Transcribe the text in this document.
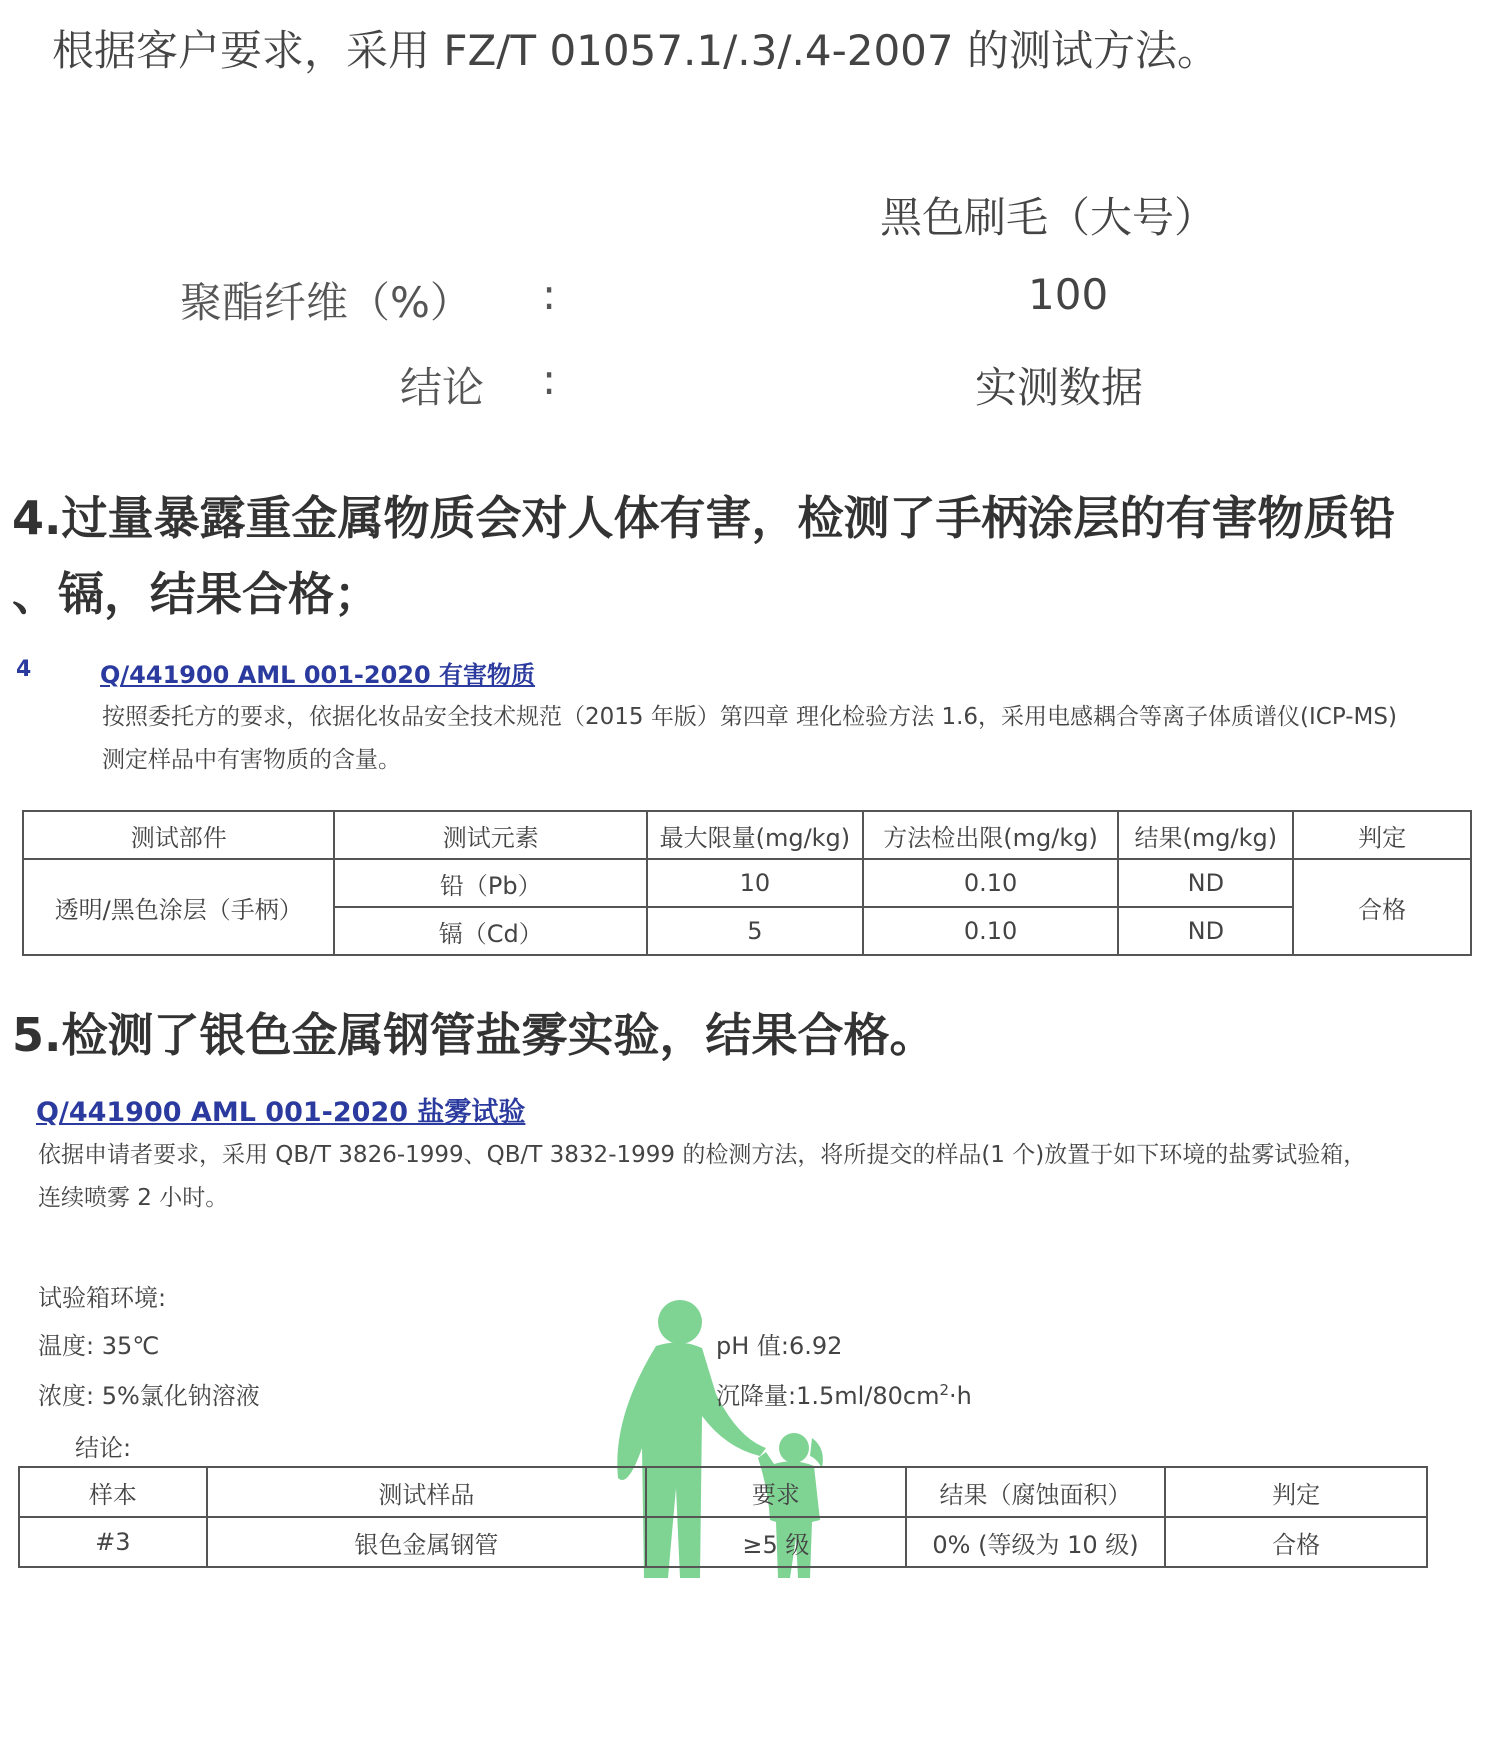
根据客户要求，采用 FZ/T 01057.1/.3/.4-2007 的测试方法。
黑色刷毛（大号）
聚酯纤维（%） :	100
结论 :	实测数据
4.过量暴露重金属物质会对人体有害，检测了手柄涂层的有害物质铅
、镉，结果合格；
4	Q/441900 AML 001-2020 有害物质
按照委托方的要求，依据化妆品安全技术规范（2015 年版）第四章 理化检验方法 1.6，采用电感耦合等离子体质谱仪(ICP-MS)
测定样品中有害物质的含量。
测试部件	测试元素	最大限量(mg/kg)	方法检出限(mg/kg)	结果(mg/kg)	判定
透明/黑色涂层（手柄）	铅（Pb）	10	0.10	ND	合格
	镉（Cd）	5	0.10	ND	
5.检测了银色金属钢管盐雾实验，结果合格。
Q/441900 AML 001-2020 盐雾试验
依据申请者要求，采用 QB/T 3826-1999、QB/T 3832-1999 的检测方法，将所提交的样品(1 个)放置于如下环境的盐雾试验箱，
连续喷雾 2 小时。
试验箱环境:
温度: 35℃
浓度: 5%氯化钠溶液
结论:
pH 值:6.92
沉降量$:1.5ml/80cm^2\cdot h$
样本	测试样品	要求	结果（腐蚀面积）	判定
#3	银色金属钢管	≥5 级	0% (等级为 10 级)	合格
